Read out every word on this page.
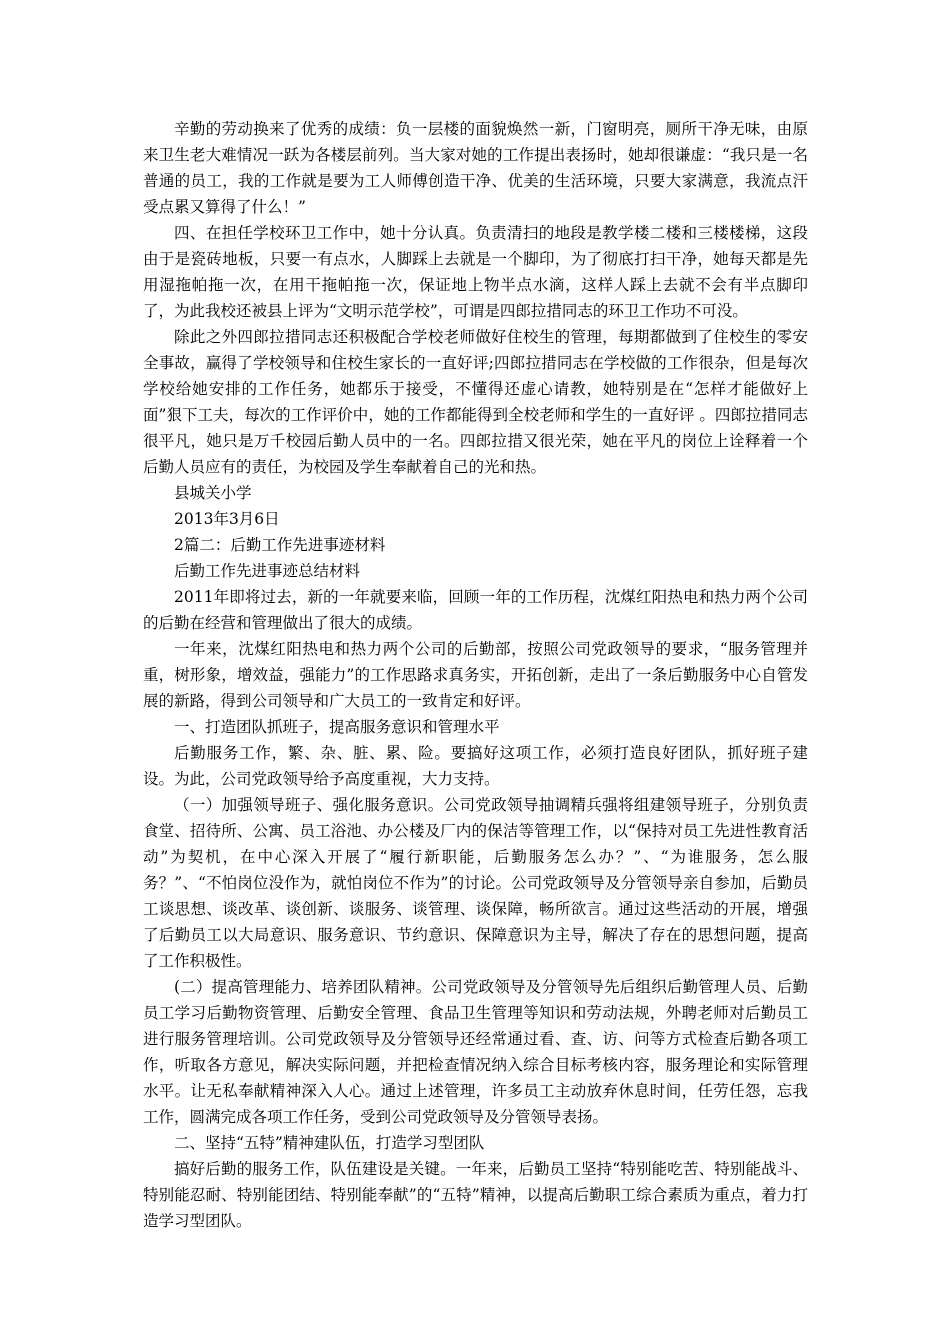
辛勤的劳动换来了优秀的成绩：负一层楼的面貌焕然一新，门窗明亮，厕所干净无味，由原来卫生老大难情况一跃为各楼层前列。当大家对她的工作提出表扬时，她却很谦虚：“我只是一名普通的员工，我的工作就是要为工人师傅创造干净、优美的生活环境，只要大家满意，我流点汗受点累又算得了什么！”

四、在担任学校环卫工作中，她十分认真。负责清扫的地段是教学楼二楼和三楼楼梯，这段由于是瓷砖地板，只要一有点水，人脚踩上去就是一个脚印，为了彻底打扫干净，她每天都是先用湿拖帕拖一次，在用干拖帕拖一次，保证地上物半点水滴，这样人踩上去就不会有半点脚印了，为此我校还被县上评为“文明示范学校”，可谓是四郎拉措同志的环卫工作功不可没。

除此之外四郎拉措同志还积极配合学校老师做好住校生的管理，每期都做到了住校生的零安全事故，赢得了学校领导和住校生家长的一直好评;四郎拉措同志在学校做的工作很杂，但是每次学校给她安排的工作任务，她都乐于接受，不懂得还虚心请教，她特别是在“怎样才能做好上面”狠下工夫，每次的工作评价中，她的工作都能得到全校老师和学生的一直好评 。四郎拉措同志很平凡，她只是万千校园后勤人员中的一名。四郎拉措又很光荣，她在平凡的岗位上诠释着一个后勤人员应有的责任，为校园及学生奉献着自己的光和热。

县城关小学

2013年3月6日

2篇二：后勤工作先进事迹材料

后勤工作先进事迹总结材料

2011年即将过去，新的一年就要来临，回顾一年的工作历程，沈煤红阳热电和热力两个公司的后勤在经营和管理做出了很大的成绩。

一年来，沈煤红阳热电和热力两个公司的后勤部，按照公司党政领导的要求，“服务管理并重，树形象，增效益，强能力”的工作思路求真务实，开拓创新，走出了一条后勤服务中心自管发展的新路，得到公司领导和广大员工的一致肯定和好评。

一、打造团队抓班子，提高服务意识和管理水平

后勤服务工作，繁、杂、脏、累、险。要搞好这项工作，必须打造良好团队，抓好班子建设。为此，公司党政领导给予高度重视，大力支持。

（一）加强领导班子、强化服务意识。公司党政领导抽调精兵强将组建领导班子，分别负责食堂、招待所、公寓、员工浴池、办公楼及厂内的保洁等管理工作，以“保持对员工先进性教育活动”为契机，在中心深入开展了“履行新职能，后勤服务怎么办？”、“为谁服务，怎么服务？”、“不怕岗位没作为，就怕岗位不作为”的讨论。公司党政领导及分管领导亲自参加，后勤员工谈思想、谈改革、谈创新、谈服务、谈管理、谈保障，畅所欲言。通过这些活动的开展，增强了后勤员工以大局意识、服务意识、节约意识、保障意识为主导，解决了存在的思想问题，提高了工作积极性。

(二）提高管理能力、培养团队精神。公司党政领导及分管领导先后组织后勤管理人员、后勤员工学习后勤物资管理、后勤安全管理、食品卫生管理等知识和劳动法规，外聘老师对后勤员工进行服务管理培训。公司党政领导及分管领导还经常通过看、查、访、问等方式检查后勤各项工作，听取各方意见，解决实际问题，并把检查情况纳入综合目标考核内容，服务理论和实际管理水平。让无私奉献精神深入人心。通过上述管理，许多员工主动放弃休息时间，任劳任怨，忘我工作，圆满完成各项工作任务，受到公司党政领导及分管领导表扬。

二、坚持“五特”精神建队伍，打造学习型团队

搞好后勤的服务工作，队伍建设是关键。一年来，后勤员工坚持“特别能吃苦、特别能战斗、特别能忍耐、特别能团结、特别能奉献”的“五特”精神，以提高后勤职工综合素质为重点，着力打造学习型团队。
